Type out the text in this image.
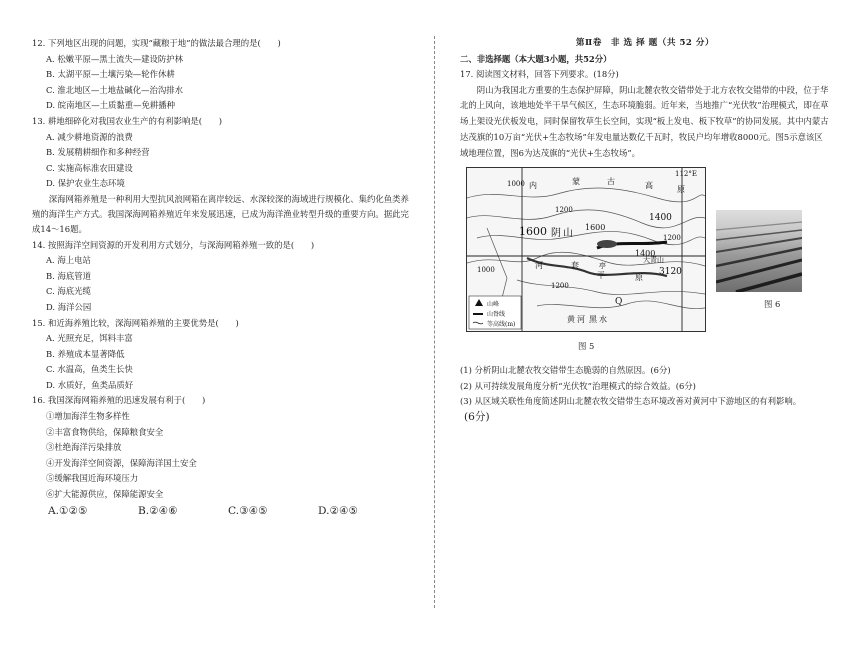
12. 下列地区出现的问题，实现“藏粮于地”的做法最合理的是(　　)
A. 松嫩平原—黑土流失—建设防护林
B. 太湖平原—土壤污染—轮作休耕
C. 淮北地区—土地盐碱化—治沟排水
D. 皖南地区—土质黏重—免耕播种
13. 耕地细碎化对我国农业生产的有利影响是(　　)
A. 减少耕地资源的浪费
B. 发展精耕细作和多种经营
C. 实施高标准农田建设
D. 保护农业生态环境
深海网箱养殖是一种利用大型抗风浪网箱在离岸较远、水深较深的海域进行规模化、集约化鱼类养殖的海洋生产方式。我国深海网箱养殖近年来发展迅速，已成为海洋渔业转型升级的重要方向。据此完成14～16题。
14. 按照海洋空间资源的开发利用方式划分，与深海网箱养殖一致的是(　　)
A. 海上电站
B. 海底管道
C. 海底光缆
D. 海洋公园
15. 和近海养殖比较，深海网箱养殖的主要优势是(　　)
A. 光照充足，饵料丰富
B. 养殖成本显著降低
C. 水温高，鱼类生长快
D. 水质好，鱼类品质好
16. 我国深海网箱养殖的迅速发展有利于(　　)
①增加海洋生物多样性
②丰富食物供给，保障粮食安全
③杜绝海洋污染排放
④开发海洋空间资源，保障海洋国土安全
⑤缓解我国近海环境压力
⑥扩大能源供应，保障能源安全
A.①②⑤	B.②④⑥	C.③④⑤	D.②④⑤
第Ⅱ卷　非 选 择 题（共 52 分）
二、非选择题（本大题3小题，共52分）
17. 阅读图文材料，回答下列要求。(18分)
阴山为我国北方重要的生态保护屏障，阴山北麓农牧交错带处于北方农牧交错带的中段，位于华北的上风向，该地地处半干旱气候区，生态环境脆弱。近年来，当地推广“光伏牧”治理模式，即在草场上架设光伏板发电，同时保留牧草生长空间，实现“板上发电、板下牧草”的协同发展。其中内蒙古达茂旗的10万亩“光伏+生态牧场”年发电量达数亿千瓦时，牧民户均年增收8000元。图5示意该区域地理位置，图6为达茂旗的“光伏+生态牧场”。
112°E
1000
1200
1600
1400
1600
1200
1000
1400
3120
1200
内	蒙	古	高	原
阴 山
河	套
平	原
大青山
Q
黄 河 黑 水
亭
山峰
山脊线
等高线(m)
图 5
图 6
(1) 分析阴山北麓农牧交错带生态脆弱的自然原因。(6分)
(2) 从可持续发展角度分析“光伏牧”治理模式的综合效益。(6分)
(3) 从区域关联性角度简述阴山北麓农牧交错带生态环境改善对黄河中下游地区的有利影响。
(6分)
